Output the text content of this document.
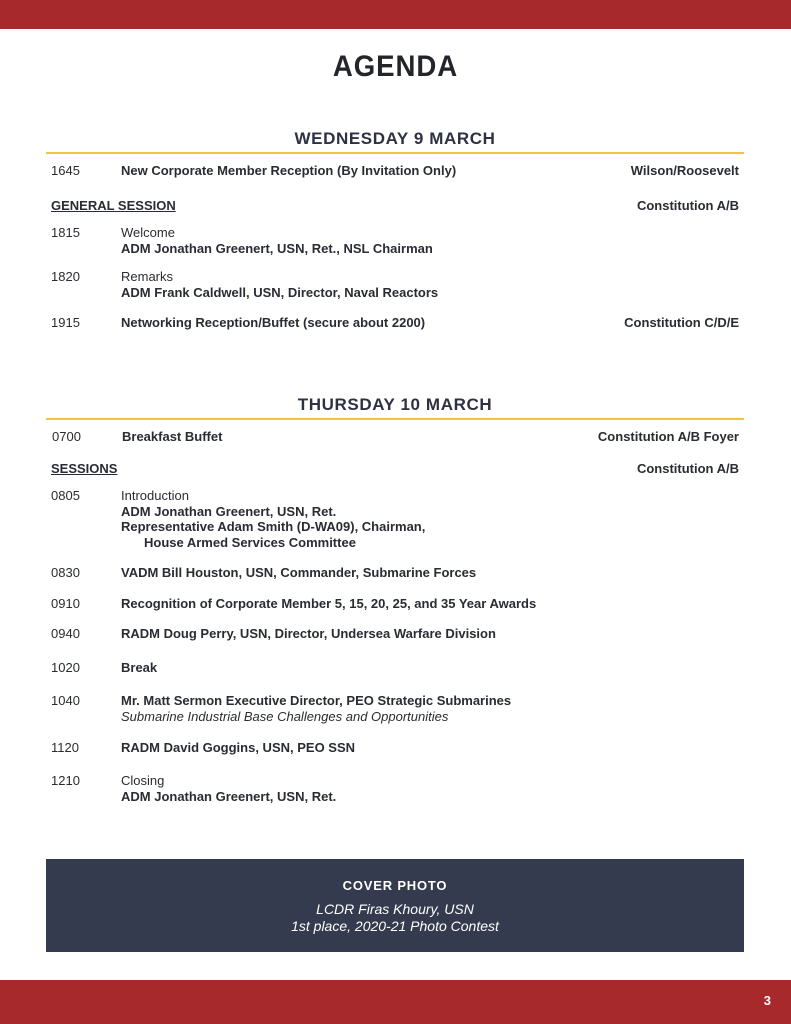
AGENDA
WEDNESDAY 9 MARCH
1645	New Corporate Member Reception (By Invitation Only)	Wilson/Roosevelt
GENERAL SESSION	Constitution A/B
1815	Welcome
ADM Jonathan Greenert, USN, Ret., NSL Chairman
1820	Remarks
ADM Frank Caldwell, USN, Director, Naval Reactors
1915	Networking Reception/Buffet (secure about 2200)	Constitution C/D/E
THURSDAY 10 MARCH
0700	Breakfast Buffet	Constitution A/B Foyer
SESSIONS	Constitution A/B
0805	Introduction
ADM Jonathan Greenert, USN, Ret.
Representative Adam Smith (D-WA09), Chairman,
House Armed Services Committee
0830	VADM Bill Houston, USN, Commander, Submarine Forces
0910	Recognition of Corporate Member 5, 15, 20, 25, and 35 Year Awards
0940	RADM Doug Perry, USN, Director, Undersea Warfare Division
1020	Break
1040	Mr. Matt Sermon Executive Director, PEO Strategic Submarines
Submarine Industrial Base Challenges and Opportunities
1120	RADM David Goggins, USN, PEO SSN
1210	Closing
ADM Jonathan Greenert, USN, Ret.
COVER PHOTO
LCDR Firas Khoury, USN
1st place, 2020-21 Photo Contest
3
